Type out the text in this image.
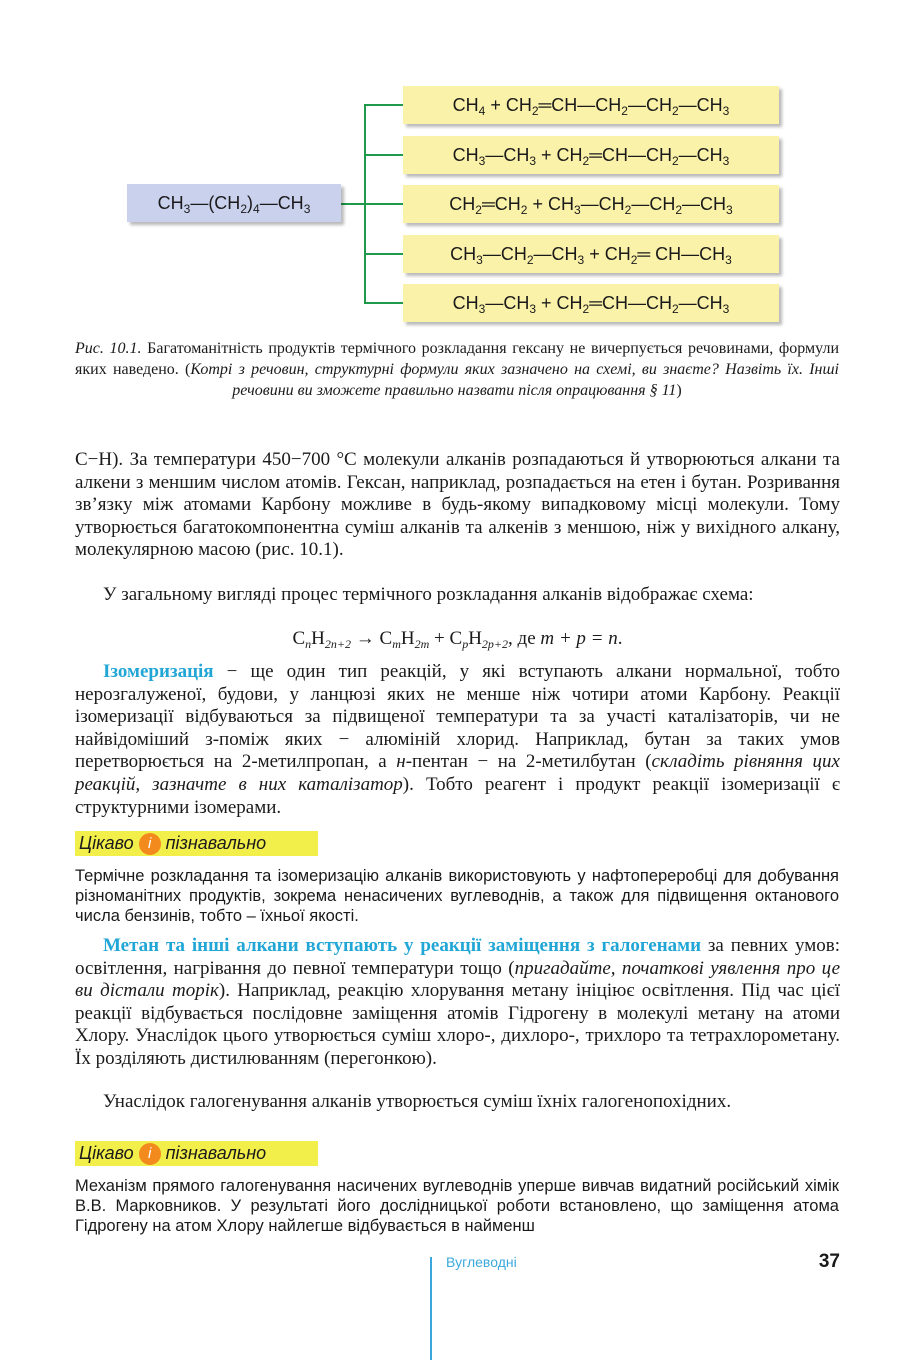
$CH_3—(CH_2)_4—CH_3$
$CH_4$ + $CH_2═CH—CH_2—CH_2—CH_3$
$CH_3—CH_3$ + $CH_2═CH—CH_2—CH_3$
$CH_2═CH_2$ + $CH_3—CH_2—CH_2—CH_3$
$CH_3—CH_2—CH_3$ + $CH_2═$ $CH—CH_3$
$CH_3—CH_3$ + $CH_2═CH—CH_2—CH_3$
Рис. 10.1. Багатоманітність продуктів термічного розкладання гексану не вичерпується речовинами, формули яких наведено. (Котрі з речовин, структурні формули яких зазначено на схемі, ви знаєте? Назвіть їх. Інші речовини ви зможете правильно назвати після опрацювання § 11)

С−Н). За температури 450−700 °С молекули алканів розпадаються й утворюються алкани та алкени з меншим числом атомів. Гексан, наприклад, розпадається на етен і бутан. Розривання зв’язку між атомами Карбону можливе в будь-якому випадковому місці молекули. Тому утворюється багатокомпонентна суміш алканів та алкенів з меншою, ніж у вихідного алкану, молекулярною масою (рис. 10.1).

У загальному вигляді процес термічного розкладання алканів відображає схема:

$C_nH_{2n+2} \to C_mH_{2m} + C_pH_{2p+2}$, де m + p = n.

Ізомеризація − ще один тип реакцій, у які вступають алкани нормальної, тобто нерозгалуженої, будови, у ланцюзі яких не менше ніж чотири атоми Карбону. Реакції ізомеризації відбуваються за підвищеної температури та за участі каталізаторів, чи не найвідоміший з-поміж яких − алюміній хлорид. Наприклад, бутан за таких умов перетворюється на 2-метилпропан, а н-пентан − на 2-метилбутан (складіть рівняння цих реакцій, зазначте в них каталізатор). Тобто реагент і продукт реакції ізомеризації є структурними ізомерами.

Цікаво і пізнавально

Термічне розкладання та ізомеризацію алканів використовують у нафтопереробці для добування різноманітних продуктів, зокрема ненасичених вуглеводнів, а також для підвищення октанового числа бензинів, тобто – їхньої якості.

Метан та інші алкани вступають у реакції заміщення з галогенами за певних умов: освітлення, нагрівання до певної температури тощо (пригадайте, початкові уявлення про це ви дістали торік). Наприклад, реакцію хлорування метану ініціює освітлення. Під час цієї реакції відбувається послідовне заміщення атомів Гідрогену в молекулі метану на атоми Хлору. Унаслідок цього утворюється суміш хлоро-, дихлоро-, трихлоро та тетрахлорометану. Їх розділяють дистилюванням (перегонкою).

Унаслідок галогенування алканів утворюється суміш їхніх галогенопохідних.

Цікаво і пізнавально

Механізм прямого галогенування насичених вуглеводнів уперше вивчав видатний російський хімік В.В. Марковников. У результаті його дослідницької роботи встановлено, що заміщення атома Гідрогену на атом Хлору найлегше відбувається в найменш

Вуглеводні	37
